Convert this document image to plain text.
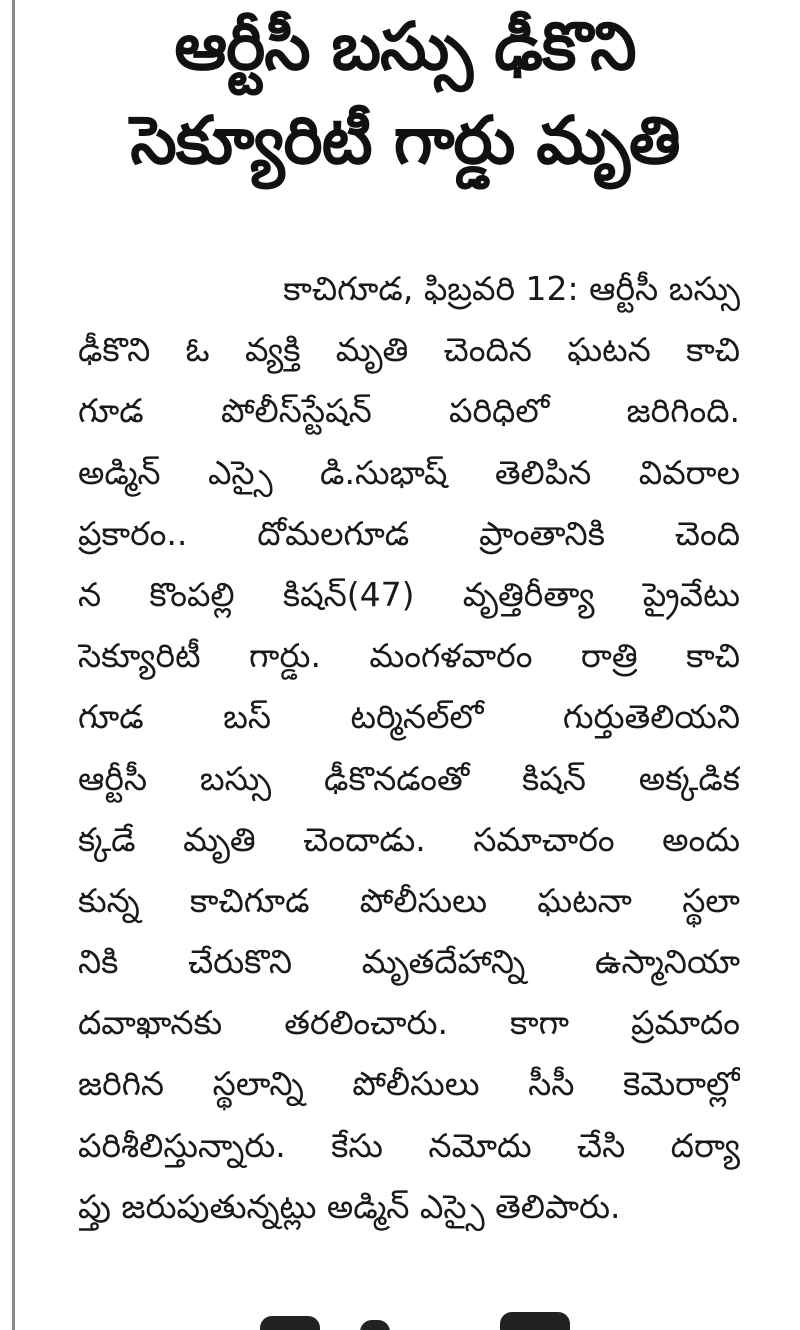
ఆర్టీసీ బస్సు ఢీకొని
సెక్యూరిటీ గార్డు మృతి
కాచిగూడ, ఫిబ్రవరి 12: ఆర్టీసీ బస్సు
ఢీకొని ఓ వ్యక్తి మృతి చెందిన ఘటన కాచి
గూడ పోలీస్‌స్టేషన్ పరిధిలో జరిగింది.
అడ్మిన్ ఎస్సై డి.సుభాష్ తెలిపిన వివరాల
ప్రకారం.. దోమలగూడ ప్రాంతానికి చెంది
న కొంపల్లి కిషన్(47) వృత్తిరీత్యా ప్రైవేటు
సెక్యూరిటీ గార్డు. మంగళవారం రాత్రి కాచి
గూడ బస్ టర్మినల్‌లో గుర్తుతెలియని
ఆర్టీసీ బస్సు ఢీకొనడంతో కిషన్ అక్కడిక
క్కడే మృతి చెందాడు. సమాచారం అందు
కున్న కాచిగూడ పోలీసులు ఘటనా స్థలా
నికి చేరుకొని మృతదేహాన్ని ఉస్మానియా
దవాఖానకు తరలించారు. కాగా ప్రమాదం
జరిగిన స్థలాన్ని పోలీసులు సీసీ కెమెరాల్లో
పరిశీలిస్తున్నారు. కేసు నమోదు చేసి దర్యా
ప్తు జరుపుతున్నట్లు అడ్మిన్ ఎస్సై తెలిపారు.
